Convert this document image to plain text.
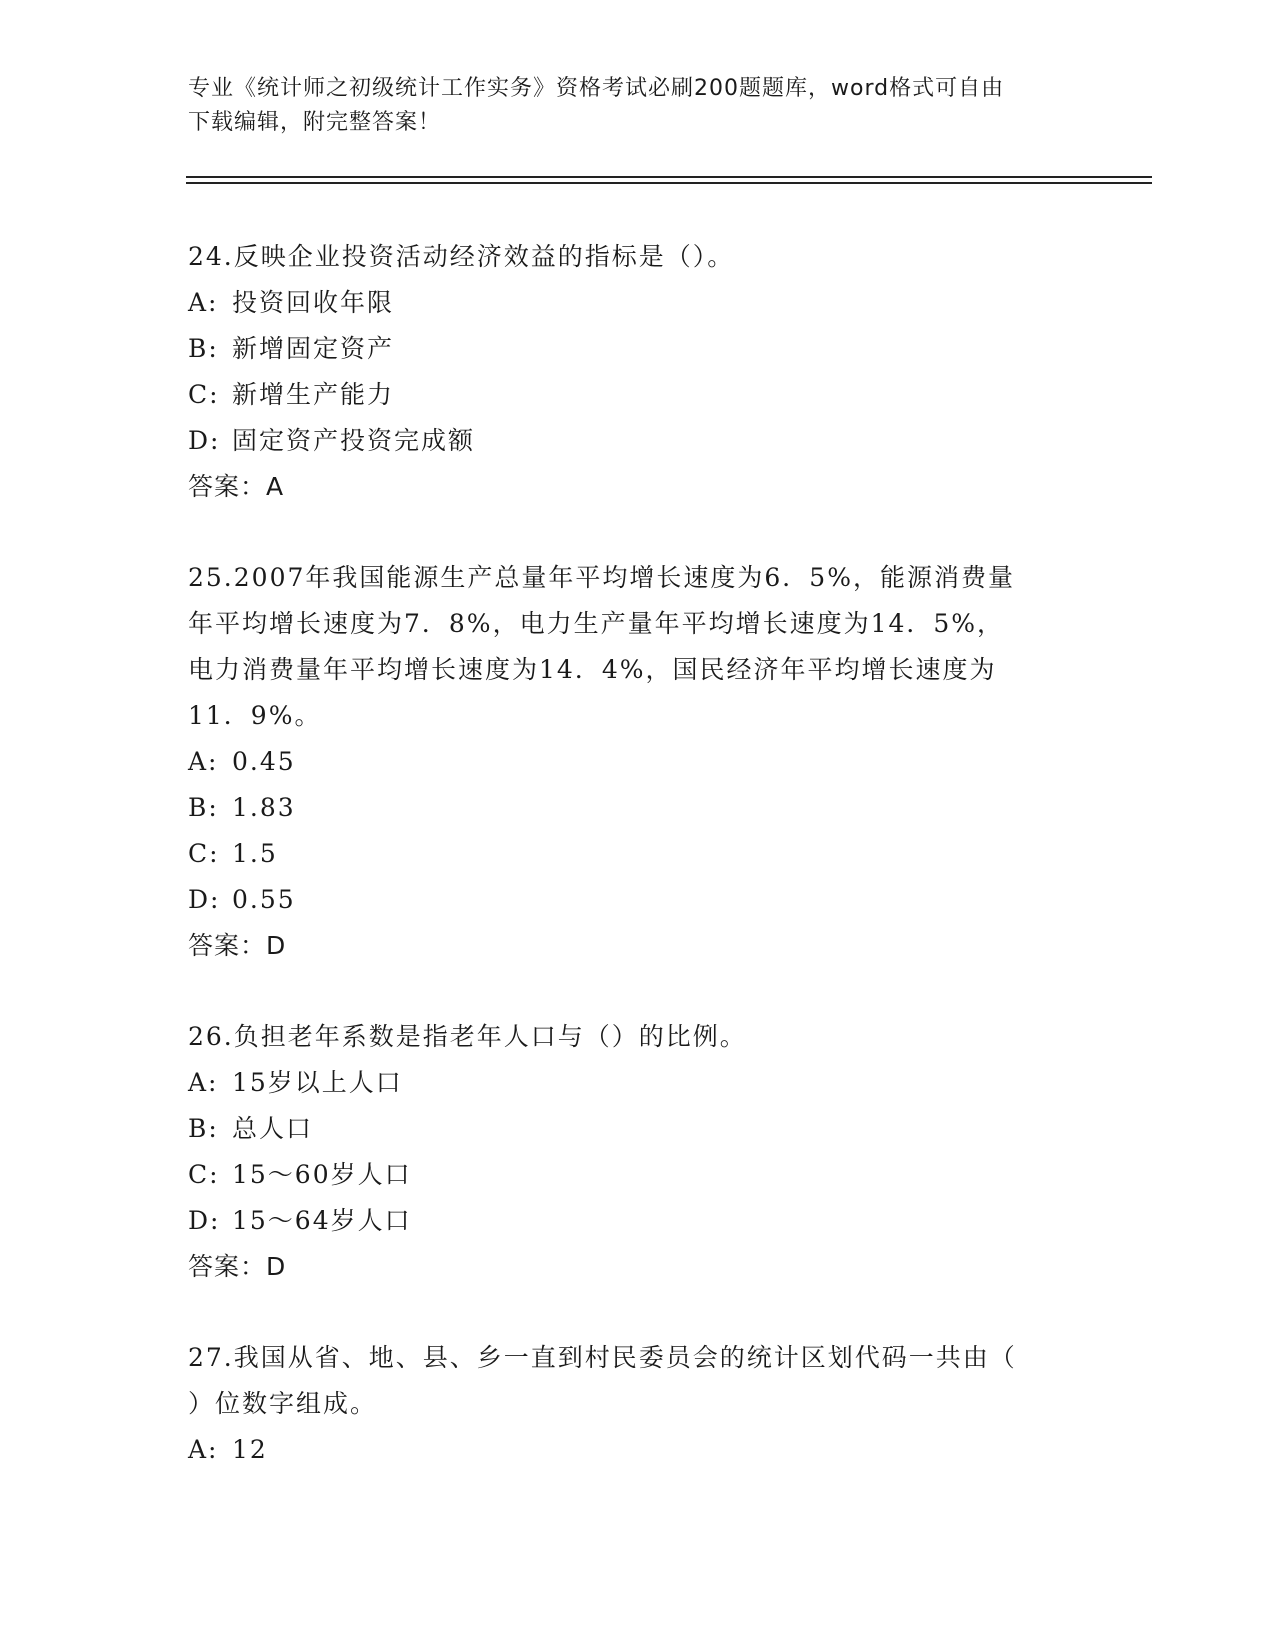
专业《统计师之初级统计工作实务》资格考试必刷200题题库，word格式可自由
下载编辑，附完整答案！
24.反映企业投资活动经济效益的指标是（）。
A: 投资回收年限
B: 新增固定资产
C: 新增生产能力
D: 固定资产投资完成额
答案：A
25.2007年我国能源生产总量年平均增长速度为6．5%，能源消费量
年平均增长速度为7．8%，电力生产量年平均增长速度为14．5%，
电力消费量年平均增长速度为14．4%，国民经济年平均增长速度为
11．9%。
A: 0.45
B: 1.83
C: 1.5
D: 0.55
答案：D
26.负担老年系数是指老年人口与（）的比例。
A: 15岁以上人口
B: 总人口
C: 15～60岁人口
D: 15～64岁人口
答案：D
27.我国从省、地、县、乡一直到村民委员会的统计区划代码一共由（
）位数字组成。
A: 12
